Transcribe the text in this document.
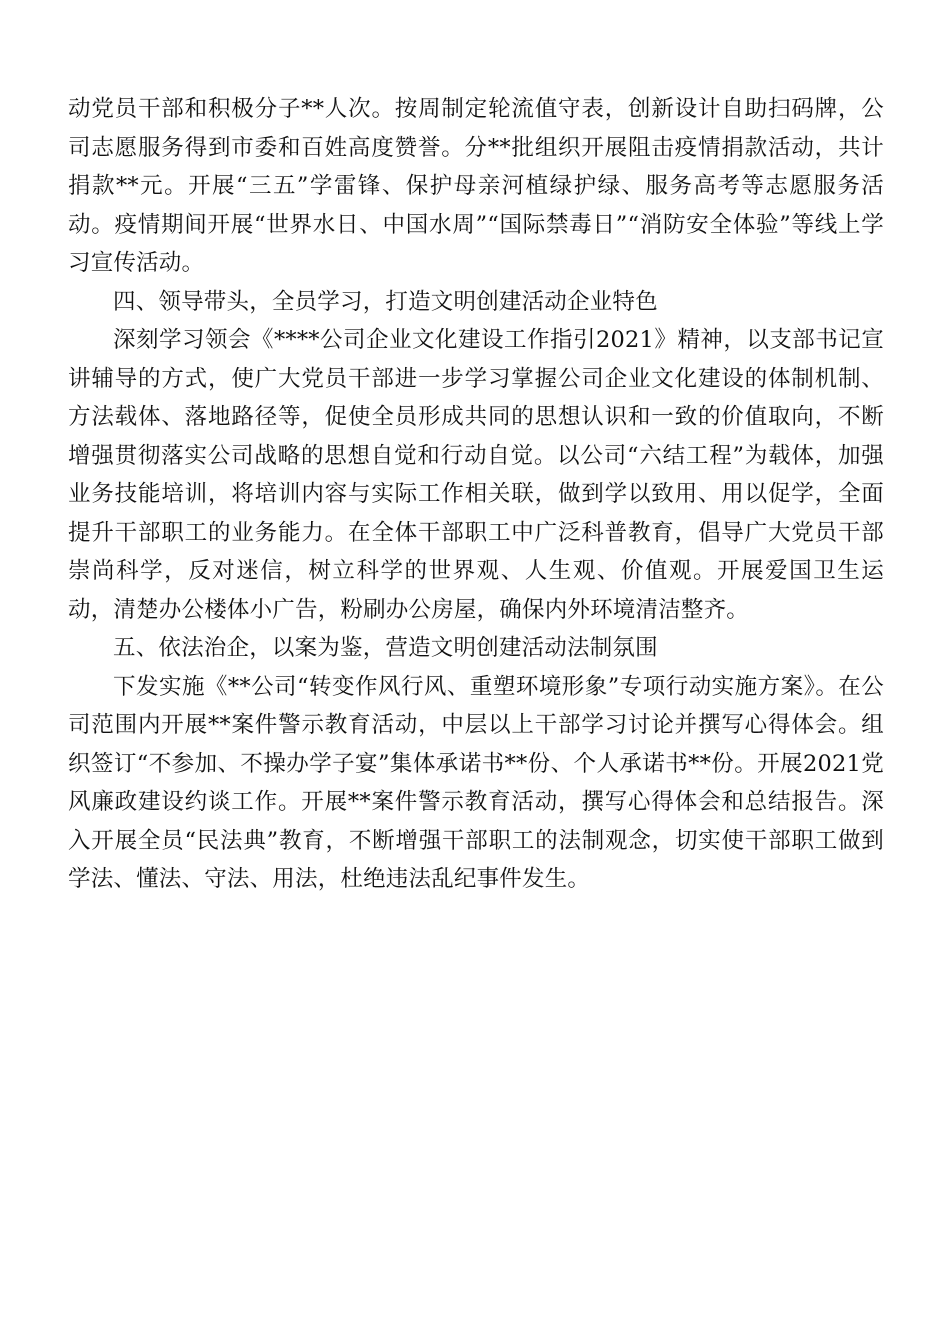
动党员干部和积极分子**人次。按周制定轮流值守表，创新设计自助扫码牌，公司志愿服务得到市委和百姓高度赞誉。分**批组织开展阻击疫情捐款活动，共计捐款**元。开展“三五”学雷锋、保护母亲河植绿护绿、服务高考等志愿服务活动。疫情期间开展“世界水日、中国水周”“国际禁毒日”“消防安全体验”等线上学习宣传活动。

四、领导带头，全员学习，打造文明创建活动企业特色

深刻学习领会《****公司企业文化建设工作指引2021》精神，以支部书记宣讲辅导的方式，使广大党员干部进一步学习掌握公司企业文化建设的体制机制、方法载体、落地路径等，促使全员形成共同的思想认识和一致的价值取向，不断增强贯彻落实公司战略的思想自觉和行动自觉。以公司“六结工程”为载体，加强业务技能培训，将培训内容与实际工作相关联，做到学以致用、用以促学，全面提升干部职工的业务能力。在全体干部职工中广泛科普教育，倡导广大党员干部崇尚科学，反对迷信，树立科学的世界观、人生观、价值观。开展爱国卫生运动，清楚办公楼体小广告，粉刷办公房屋，确保内外环境清洁整齐。

五、依法治企，以案为鉴，营造文明创建活动法制氛围

下发实施《**公司“转变作风行风、重塑环境形象”专项行动实施方案》。在公司范围内开展**案件警示教育活动，中层以上干部学习讨论并撰写心得体会。组织签订“不参加、不操办学子宴”集体承诺书**份、个人承诺书**份。开展2021党风廉政建设约谈工作。开展**案件警示教育活动，撰写心得体会和总结报告。深入开展全员“民法典”教育，不断增强干部职工的法制观念，切实使干部职工做到学法、懂法、守法、用法，杜绝违法乱纪事件发生。
